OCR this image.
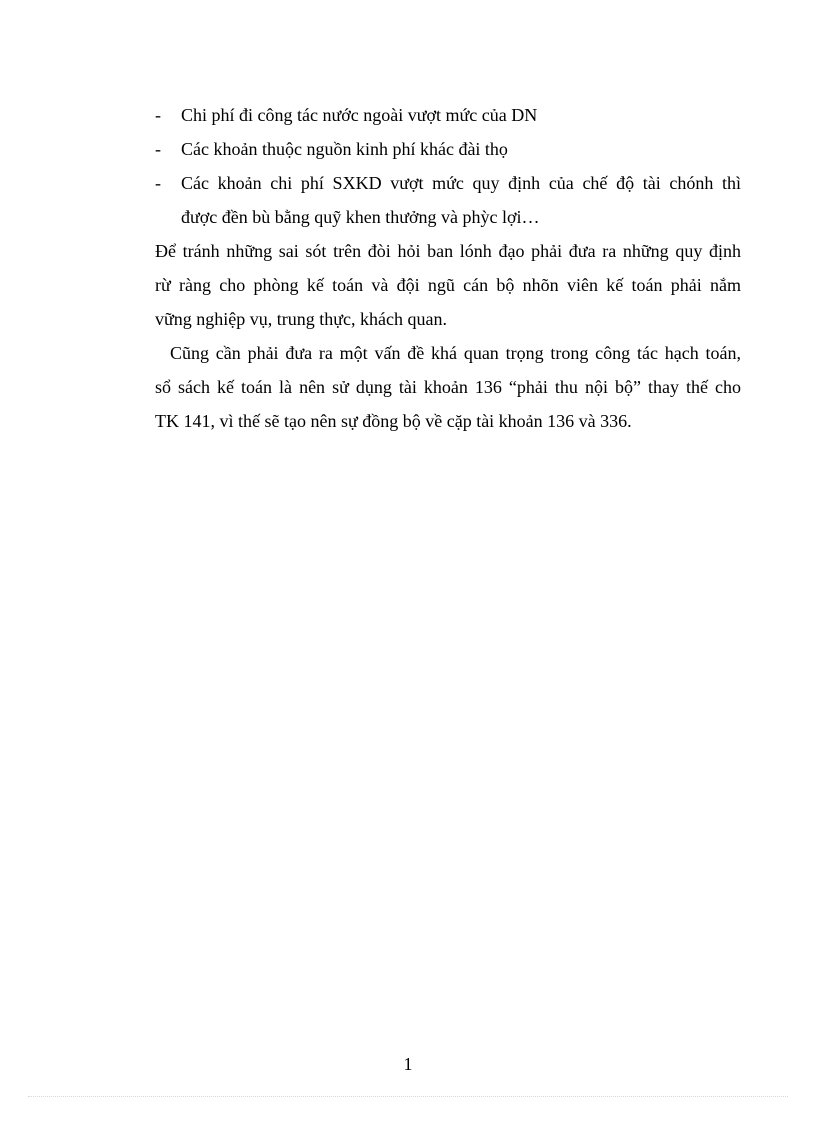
-	Chi phí đi công tác nước ngoài vượt mức của DN
-	Các khoản thuộc nguồn kinh phí khác đài thọ
-	Các khoản chi phí SXKD vượt mức quy định của chế độ tài chónh thì
được đền bù bằng quỹ khen thưởng và phỳc lợi…
Để tránh những sai sót trên đòi hỏi ban lónh đạo phải đưa ra những quy định
rừ ràng cho phòng kế toán và đội ngũ cán bộ nhõn viên kế toán phải nắm
vững nghiệp vụ, trung thực, khách quan.
Cũng cần phải đưa ra một vấn đề khá quan trọng trong công tác hạch toán,
sổ sách kế toán là nên sử dụng tài khoản 136 “phải thu nội bộ” thay thế cho
TK 141, vì thế sẽ tạo nên sự đồng bộ về cặp tài khoản 136 và 336.
1
